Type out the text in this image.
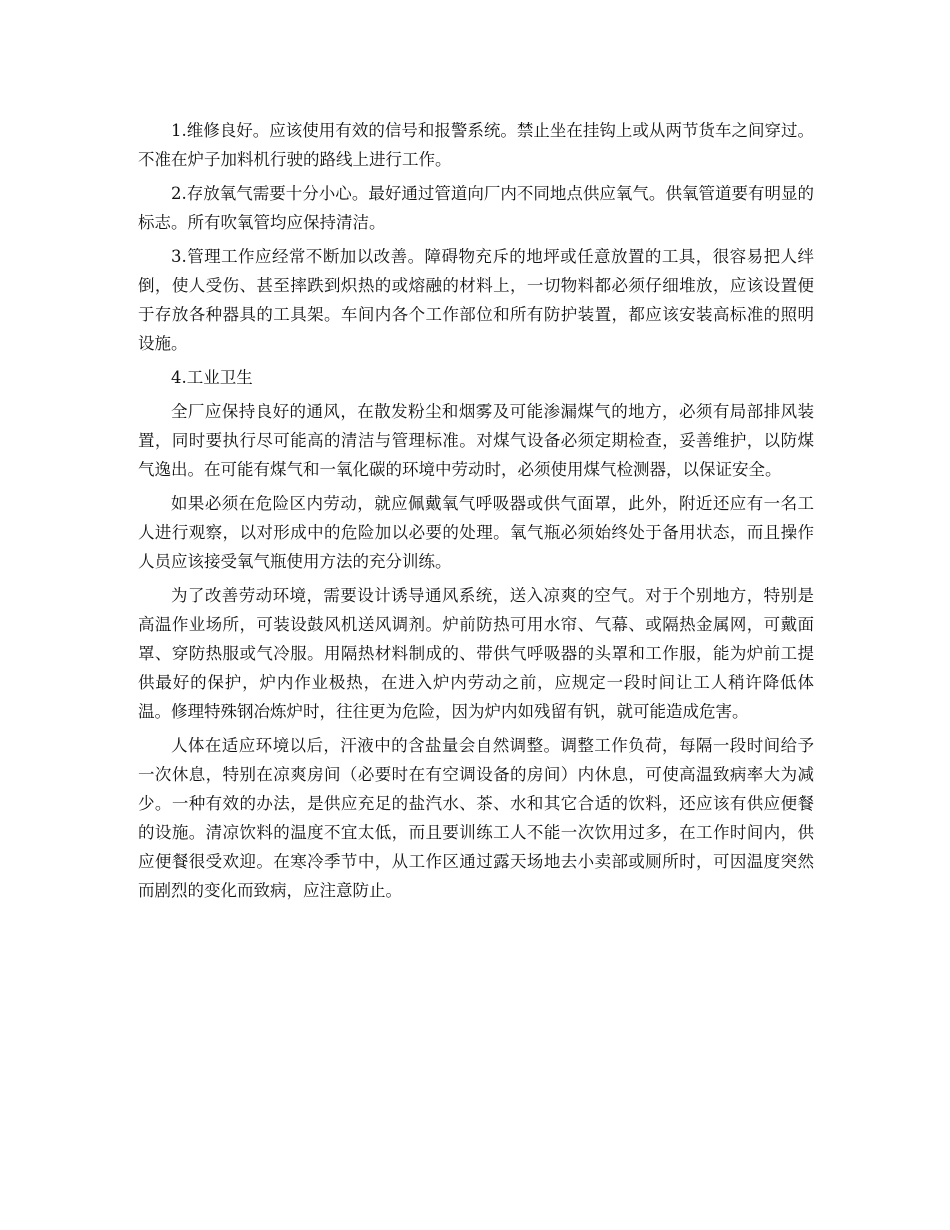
1.维修良好。应该使用有效的信号和报警系统。禁止坐在挂钩上或从两节货车之间穿过。不准在炉子加料机行驶的路线上进行工作。

2.存放氧气需要十分小心。最好通过管道向厂内不同地点供应氧气。供氧管道要有明显的标志。所有吹氧管均应保持清洁。

3.管理工作应经常不断加以改善。障碍物充斥的地坪或任意放置的工具，很容易把人绊倒，使人受伤、甚至摔跌到炽热的或熔融的材料上，一切物料都必须仔细堆放，应该设置便于存放各种器具的工具架。车间内各个工作部位和所有防护装置，都应该安装高标准的照明设施。

4.工业卫生

全厂应保持良好的通风，在散发粉尘和烟雾及可能渗漏煤气的地方，必须有局部排风装置，同时要执行尽可能高的清洁与管理标准。对煤气设备必须定期检查，妥善维护，以防煤气逸出。在可能有煤气和一氧化碳的环境中劳动时，必须使用煤气检测器，以保证安全。

如果必须在危险区内劳动，就应佩戴氧气呼吸器或供气面罩，此外，附近还应有一名工人进行观察，以对形成中的危险加以必要的处理。氧气瓶必须始终处于备用状态，而且操作人员应该接受氧气瓶使用方法的充分训练。

为了改善劳动环境，需要设计诱导通风系统，送入凉爽的空气。对于个别地方，特别是高温作业场所，可装设鼓风机送风调剂。炉前防热可用水帘、气幕、或隔热金属网，可戴面罩、穿防热服或气冷服。用隔热材料制成的、带供气呼吸器的头罩和工作服，能为炉前工提供最好的保护，炉内作业极热，在进入炉内劳动之前，应规定一段时间让工人稍许降低体温。修理特殊钢冶炼炉时，往往更为危险，因为炉内如残留有钒，就可能造成危害。

人体在适应环境以后，汗液中的含盐量会自然调整。调整工作负荷，每隔一段时间给予一次休息，特别在凉爽房间（必要时在有空调设备的房间）内休息，可使高温致病率大为减少。一种有效的办法，是供应充足的盐汽水、茶、水和其它合适的饮料，还应该有供应便餐的设施。清凉饮料的温度不宜太低，而且要训练工人不能一次饮用过多，在工作时间内，供应便餐很受欢迎。在寒冷季节中，从工作区通过露天场地去小卖部或厕所时，可因温度突然而剧烈的变化而致病，应注意防止。
